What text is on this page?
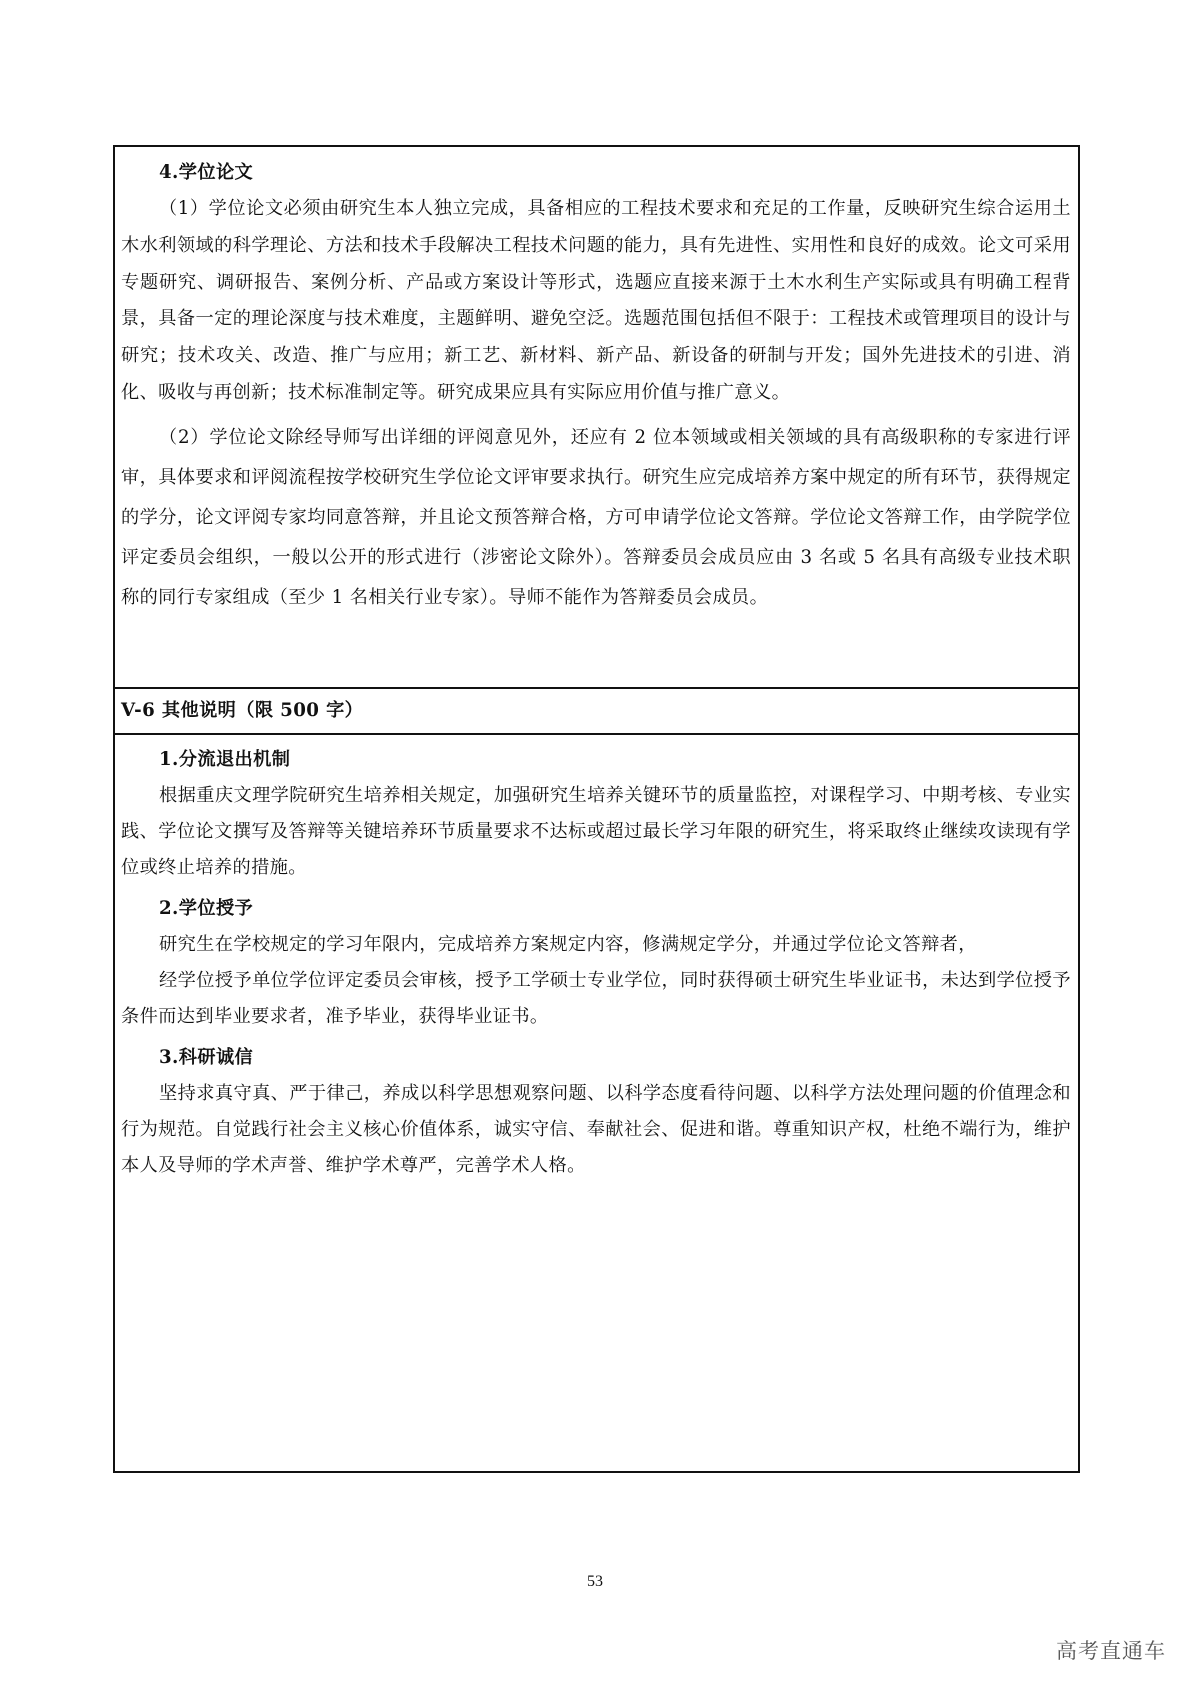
4.学位论文

（1）学位论文必须由研究生本人独立完成，具备相应的工程技术要求和充足的工作量，反映研究生综合运用土木水利领域的科学理论、方法和技术手段解决工程技术问题的能力，具有先进性、实用性和良好的成效。论文可采用专题研究、调研报告、案例分析、产品或方案设计等形式，选题应直接来源于土木水利生产实际或具有明确工程背景，具备一定的理论深度与技术难度，主题鲜明、避免空泛。选题范围包括但不限于：工程技术或管理项目的设计与研究；技术攻关、改造、推广与应用；新工艺、新材料、新产品、新设备的研制与开发；国外先进技术的引进、消化、吸收与再创新；技术标准制定等。研究成果应具有实际应用价值与推广意义。

（2）学位论文除经导师写出详细的评阅意见外，还应有 2 位本领域或相关领域的具有高级职称的专家进行评审，具体要求和评阅流程按学校研究生学位论文评审要求执行。研究生应完成培养方案中规定的所有环节，获得规定的学分，论文评阅专家均同意答辩，并且论文预答辩合格，方可申请学位论文答辩。学位论文答辩工作，由学院学位评定委员会组织，一般以公开的形式进行（涉密论文除外）。答辩委员会成员应由 3 名或 5 名具有高级专业技术职称的同行专家组成（至少 1 名相关行业专家）。导师不能作为答辩委员会成员。

V-6 其他说明（限 500 字）

1.分流退出机制

根据重庆文理学院研究生培养相关规定，加强研究生培养关键环节的质量监控，对课程学习、中期考核、专业实践、学位论文撰写及答辩等关键培养环节质量要求不达标或超过最长学习年限的研究生，将采取终止继续攻读现有学位或终止培养的措施。

2.学位授予

研究生在学校规定的学习年限内，完成培养方案规定内容，修满规定学分，并通过学位论文答辩者，

经学位授予单位学位评定委员会审核，授予工学硕士专业学位，同时获得硕士研究生毕业证书，未达到学位授予条件而达到毕业要求者，准予毕业，获得毕业证书。

3.科研诚信

坚持求真守真、严于律己，养成以科学思想观察问题、以科学态度看待问题、以科学方法处理问题的价值理念和行为规范。自觉践行社会主义核心价值体系，诚实守信、奉献社会、促进和谐。尊重知识产权，杜绝不端行为，维护本人及导师的学术声誉、维护学术尊严，完善学术人格。

53
高考直通车
